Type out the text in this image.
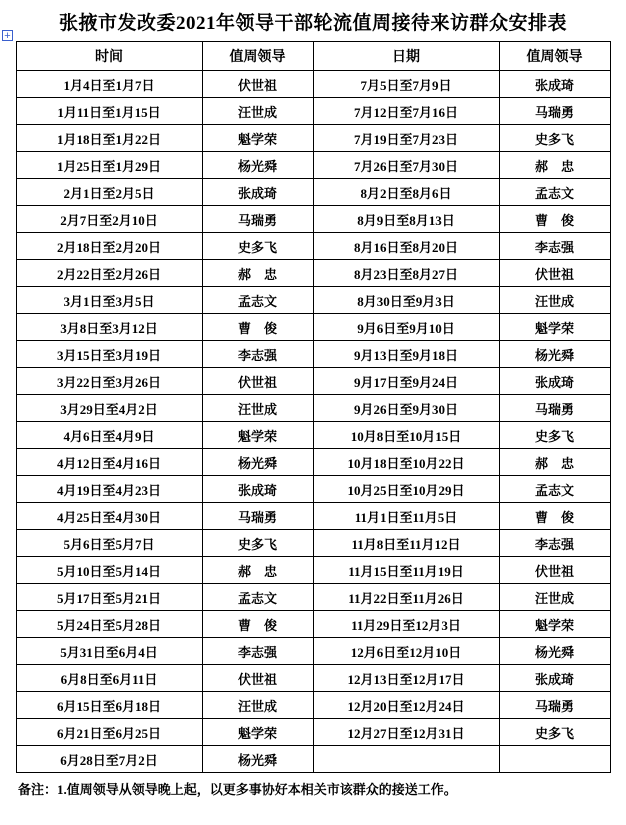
+
张掖市发改委2021年领导干部轮流值周接待来访群众安排表
时间	值周领导	日期	值周领导
1月4日至1月7日	伏世祖	7月5日至7月9日	张成琦
1月11日至1月15日	汪世成	7月12日至7月16日	马瑞勇
1月18日至1月22日	魁学荣	7月19日至7月23日	史多飞
1月25日至1月29日	杨光舜	7月26日至7月30日	郝　忠
2月1日至2月5日	张成琦	8月2日至8月6日	孟志文
2月7日至2月10日	马瑞勇	8月9日至8月13日	曹　俊
2月18日至2月20日	史多飞	8月16日至8月20日	李志强
2月22日至2月26日	郝　忠	8月23日至8月27日	伏世祖
3月1日至3月5日	孟志文	8月30日至9月3日	汪世成
3月8日至3月12日	曹　俊	9月6日至9月10日	魁学荣
3月15日至3月19日	李志强	9月13日至9月18日	杨光舜
3月22日至3月26日	伏世祖	9月17日至9月24日	张成琦
3月29日至4月2日	汪世成	9月26日至9月30日	马瑞勇
4月6日至4月9日	魁学荣	10月8日至10月15日	史多飞
4月12日至4月16日	杨光舜	10月18日至10月22日	郝　忠
4月19日至4月23日	张成琦	10月25日至10月29日	孟志文
4月25日至4月30日	马瑞勇	11月1日至11月5日	曹　俊
5月6日至5月7日	史多飞	11月8日至11月12日	李志强
5月10日至5月14日	郝　忠	11月15日至11月19日	伏世祖
5月17日至5月21日	孟志文	11月22日至11月26日	汪世成
5月24日至5月28日	曹　俊	11月29日至12月3日	魁学荣
5月31日至6月4日	李志强	12月6日至12月10日	杨光舜
6月8日至6月11日	伏世祖	12月13日至12月17日	张成琦
6月15日至6月18日	汪世成	12月20日至12月24日	马瑞勇
6月21日至6月25日	魁学荣	12月27日至12月31日	史多飞
6月28日至7月2日	杨光舜		
备注：1.值周领导从领导晚上起，以更多事协好本相关市该群众的接送工作。
